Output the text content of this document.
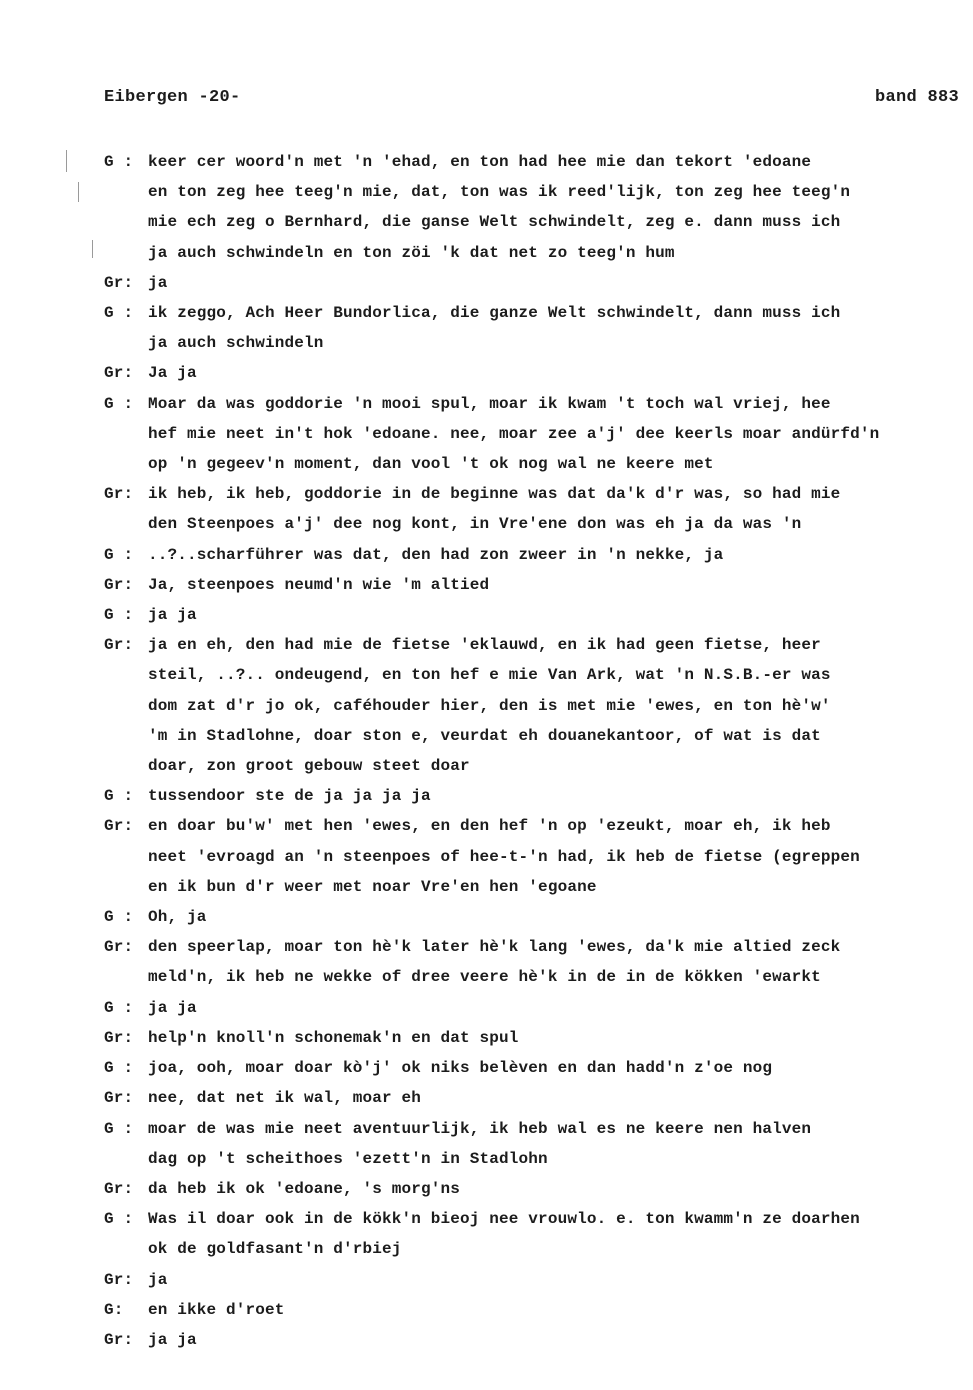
Eibergen -20-	band 883
G : keer cer woord'n met 'n 'ehad, en ton had hee mie dan tekort 'edoane
en ton zeg hee teeg'n mie, dat, ton was ik reed'lijk, ton zeg hee teeg'n
mie ech zeg o Bernhard, die ganse Welt schwindelt, zeg e. dann muss ich
ja auch schwindeln en ton zöi 'k dat net zo teeg'n hum
Gr: ja
G : ik zeggo, Ach Heer Bundorlica, die ganze Welt schwindelt, dann muss ich
ja auch schwindeln
Gr: Ja ja
G : Moar da was goddorie 'n mooi spul, moar ik kwam 't toch wal vriej, hee
hef mie neet in't hok 'edoane. nee, moar zee a'j' dee keerls moar andürfd'n
op 'n gegeev'n moment, dan vool 't ok nog wal ne keere met
Gr: ik heb, ik heb, goddorie in de beginne was dat da'k d'r was, so had mie
den Steenpoes a'j' dee nog kont, in Vre'ene don was eh ja da was 'n
G : ..?..scharführer was dat, den had zon zweer in 'n nekke, ja
Gr: Ja, steenpoes neumd'n wie 'm altied
G : ja ja
Gr: ja en eh, den had mie de fietse 'eklauwd, en ik had geen fietse, heer
steil, ..?.. ondeugend, en ton hef e mie Van Ark, wat 'n N.S.B.-er was
dom zat d'r jo ok, caféhouder hier, den is met mie 'ewes, en ton hè'w'
'm in Stadlohne, doar ston e, veurdat eh douanekantoor, of wat is dat
doar, zon groot gebouw steet doar
G : tussendoor ste de ja ja ja ja
Gr: en doar bu'w' met hen 'ewes, en den hef 'n op 'ezeukt, moar eh, ik heb
neet 'evroagd an 'n steenpoes of hee-t-'n had, ik heb de fietse (egreppen
en ik bun d'r weer met noar Vre'en hen 'egoane
G : Oh, ja
Gr: den speerlap, moar ton hè'k later hè'k lang 'ewes, da'k mie altied zeck
meld'n, ik heb ne wekke of dree veere hè'k in de in de kökken 'ewarkt
G : ja ja
Gr: help'n knoll'n schonemak'n en dat spul
G : joa, ooh, moar doar kò'j' ok niks belèven en dan hadd'n z'oe nog
Gr: nee, dat net ik wal, moar eh
G : moar de was mie neet aventuurlijk, ik heb wal es ne keere nen halven
dag op 't scheithoes 'ezett'n in Stadlohn
Gr: da heb ik ok 'edoane, 's morg'ns
G : Was il doar ook in de kökk'n bieoj nee vrouwlo. e. ton kwamm'n ze doarhen
ok de goldfasant'n d'rbiej
Gr: ja
G:	en ikke d'roet
Gr: ja ja
